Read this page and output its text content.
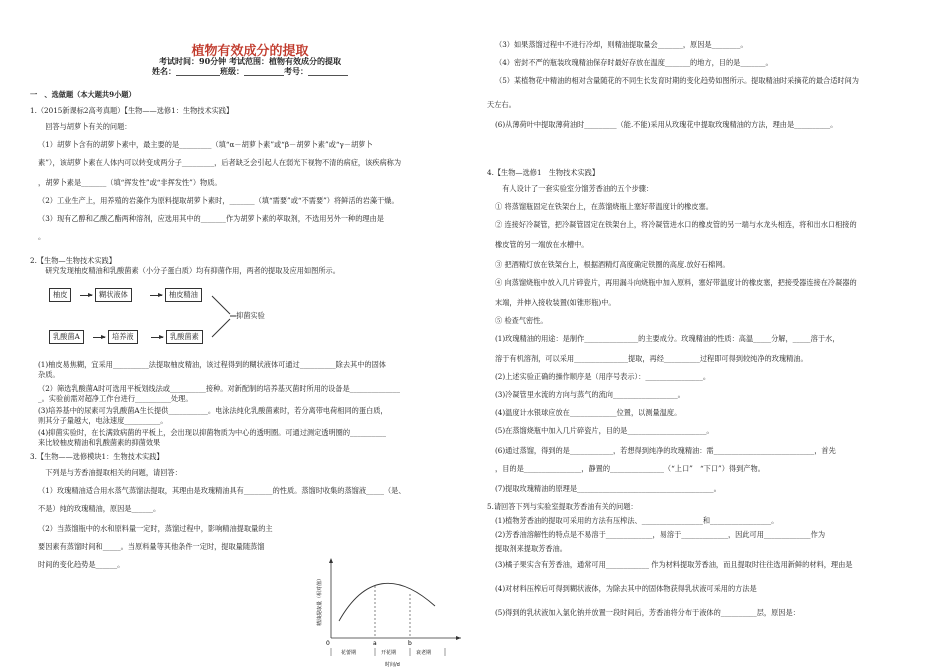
植物有效成分的提取
考试时间：90分钟 考试范围：植物有效成分的提取
姓名：___________班级：__________考号：__________
一　、选做题（本大题共9小题）
1.（2015新课标2高考真题）【生物——选修1：生物技术实践】
　回答与胡萝卜有关的问题：
（1）胡萝卜含有的胡萝卜素中，最主要的是_________（填“α－胡萝卜素”或“β－胡萝卜素”或“γ－胡萝卜
素”），该胡萝卜素在人体内可以转变成两分子_________，后者缺乏会引起人在弱光下视物不清的病症，该疾病称为
，胡萝卜素是_______（填“挥发性”或“非挥发性”）物质。
（2）工业生产上，用养殖的岩藻作为原料提取胡萝卜素时，_______（填“需要”或“不需要”）将鲜活的岩藻干燥。
（3）现有乙醇和乙酸乙酯两种溶剂，应选用其中的_______作为胡萝卜素的萃取剂，不选用另外一种的理由是
。
2.【生物—生物技术实践】
　研究发现柚皮精油和乳酸菌素（小分子蛋白质）均有抑菌作用，两者的提取及应用如图所示。
柚皮	糊状液体	柚皮精油
乳酸菌A	培养液	乳酸菌素
抑菌实验
(1)柚皮易焦糊，宜采用__________法提取柚皮精油，该过程得到的糊状液体可通过__________除去其中的固体
杂质。
（2）筛选乳酸菌A时可选用平板划线法或__________接种。对新配制的培养基灭菌时所用的设备是______________
_。实验前需对超净工作台进行__________处理。
(3)培养基中的尿素可为乳酸菌A生长提供___________。电泳法纯化乳酸菌素时，若分离带电荷相同的蛋白质，
则其分子量越大，电泳速度__________。
(4)抑菌实验时，在长满致病菌的平板上，会出现以抑菌物质为中心的透明圈。可通过测定透明圈的__________
来比较柚皮精油和乳酸菌素的抑菌效果
3.【生物——选修模块1：生物技术实践】
　下列是与芳香油提取相关的问题，请回答：
（1）玫瑰精油适合用水蒸气蒸馏法提取，其理由是玫瑰精油具有________的性质。蒸馏时收集的蒸馏液_____（是、
不是）纯的玫瑰精油，原因是______。
（2）当蒸馏瓶中的水和原料量一定时，蒸馏过程中，影响精油提取量的主
要因素有蒸馏时间和_____。当原料量等其他条件一定时，提取量随蒸馏
时间的变化趋势是______。
精油提取量（相对值）
0	a	b
花蕾期	开花期	衰老期
时间/d
（3）如果蒸馏过程中不进行冷却，则精油提取量会_______，原因是________。
（4）密封不严的瓶装玫瑰精油保存时最好存放在温度_______的地方，目的是_______。
（5）某植物花中精油的相对含量随花的不同生长发育时期的变化趋势如图所示。提取精油时采摘花的最合适时间为
天左右。
(6)从薄荷叶中提取薄荷油时_________（能.不能)采用从玫瑰花中提取玫瑰精油的方法，理由是__________。
4.【生物—选修1　生物技术实践】
　有人设计了一套实验室分馏芳香油的五个步骤：
① 将蒸馏瓶固定在铁架台上，在蒸馏烧瓶上塞好带温度计的橡皮塞。
② 连接好冷凝管，把冷凝管固定在铁架台上，将冷凝管进水口的橡皮管的另一端与水龙头相连，将和出水口相接的
橡皮管的另一端放在水槽中。
③ 把酒精灯放在铁架台上，根据酒精灯高度确定铁圈的高度.放好石棉网。
④ 向蒸馏烧瓶中放入几片碎瓷片，再用漏斗向烧瓶中加入原料，塞好带温度计的橡皮塞，把接受器连接在冷凝器的
末端，并伸入接收装置(如锥形瓶)中。
⑤ 检查气密性。
(1)玫瑰精油的用途：是制作_______________的主要成分。玫瑰精油的性质：高温_____分解，_____溶于水，
溶于有机溶剂，可以采用_______________提取，再经__________过程即可得到较纯净的玫瑰精油。
(2)上述实验正确的操作顺序是（用序号表示）：________________。
(3)冷凝管里水流的方向与蒸气的流向__________________。
(4)温度计水银球应放在_____________位置，以测量温度。
(5)在蒸馏烧瓶中加入几片碎瓷片，目的是______________________。
(6)通过蒸馏，得到的是____________，若想得到纯净的玫瑰精油：需____________________________，首先
，目的是________________，静置的_______________（“上口”　“下口”）得到产物。
(7)提取玫瑰精油的原理是______________________________________。
5.请回答下列与实验室提取芳香油有关的问题：
(1)植物芳香油的提取可采用的方法有压榨法、_________________和_________________。
(2)芳香油溶解性的特点是不易溶于_____________，易溶于_____________，因此可用_____________作为
提取剂来提取芳香油。
(3)橘子果实含有芳香油，通常可用____________ 作为材料提取芳香油，而且提取时往往选用新鲜的材料，理由是
(4)对材料压榨后可得到糊状液体，为除去其中的固体物获得乳状液可采用的方法是
(5)得到的乳状液加入氯化钠并放置一段时间后，芳香油将分布于液体的__________层，原因是：
